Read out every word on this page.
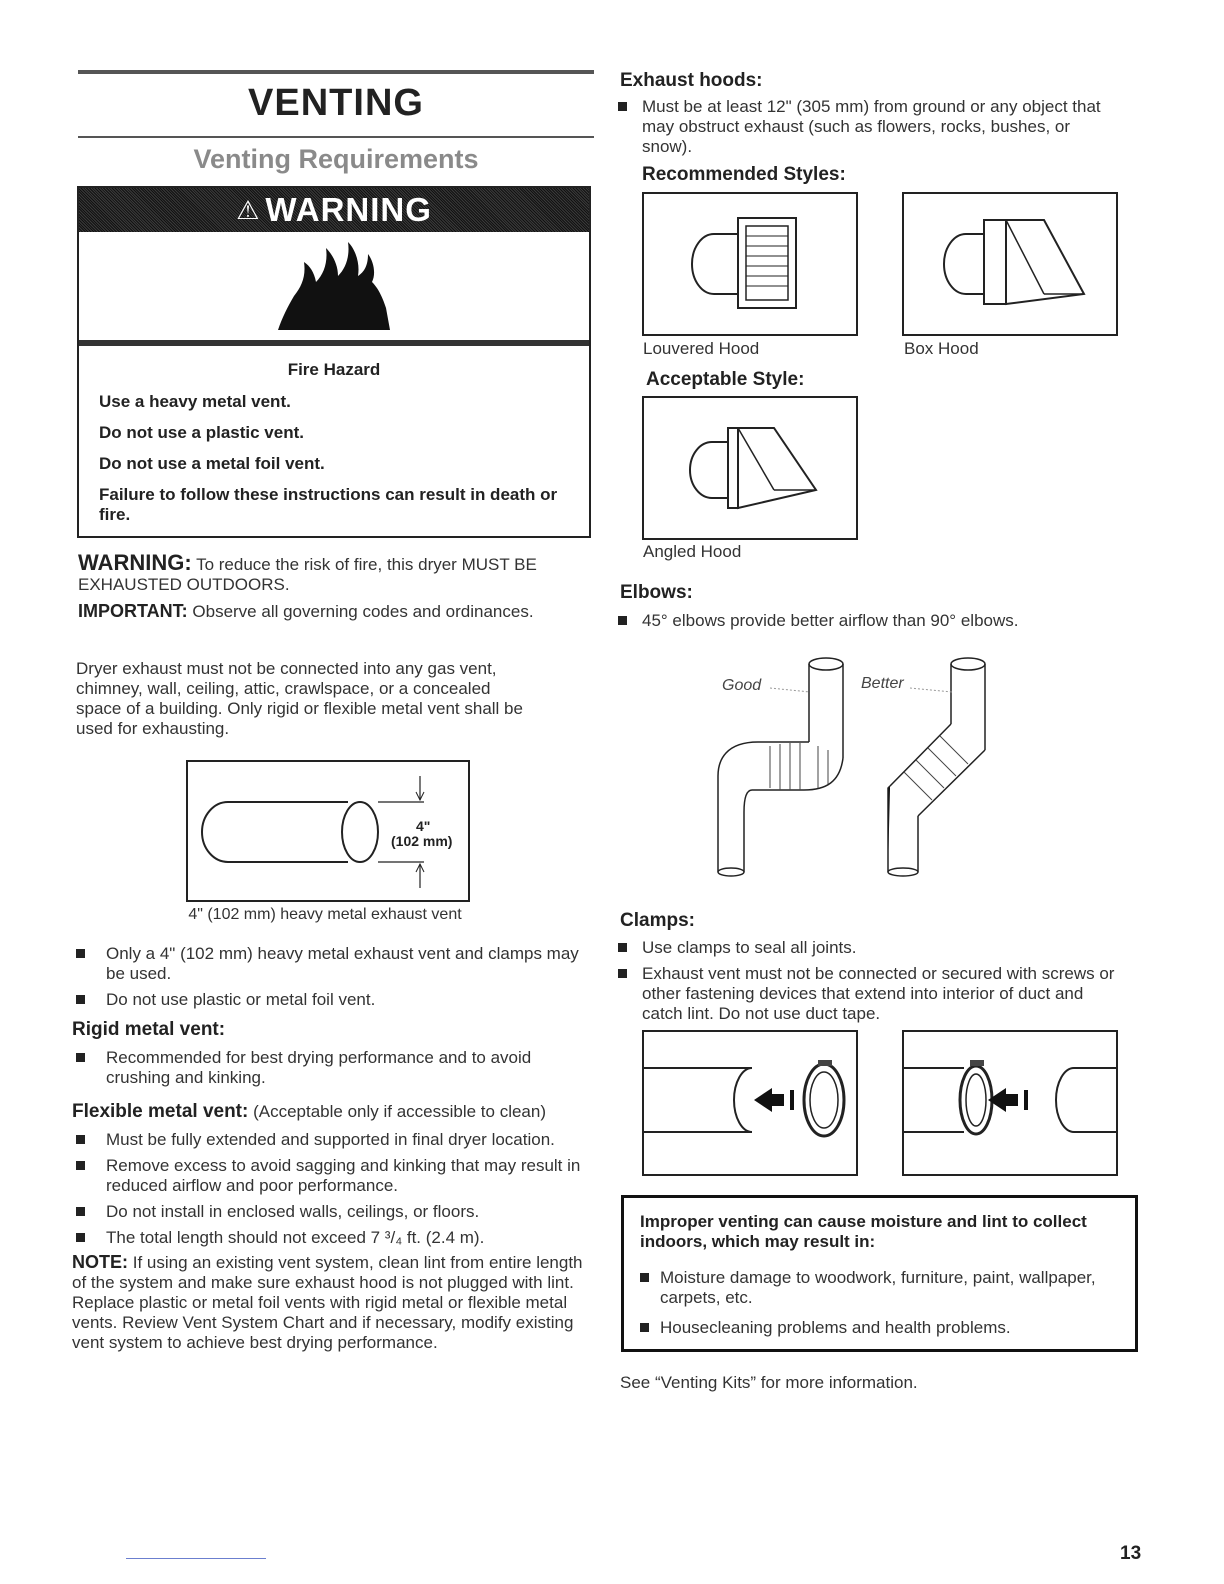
VENTING
Venting Requirements
⚠ WARNING
Fire Hazard
Use a heavy metal vent.
Do not use a plastic vent.
Do not use a metal foil vent.
Failure to follow these instructions can result in death or fire.
WARNING: To reduce the risk of fire, this dryer MUST BE EXHAUSTED OUTDOORS.
IMPORTANT: Observe all governing codes and ordinances.
Dryer exhaust must not be connected into any gas vent, chimney, wall, ceiling, attic, crawlspace, or a concealed space of a building. Only rigid or flexible metal vent shall be used for exhausting.
4"
(102 mm)
4" (102 mm) heavy metal exhaust vent
Only a 4" (102 mm) heavy metal exhaust vent and clamps may be used.
Do not use plastic or metal foil vent.
Rigid metal vent:
Recommended for best drying performance and to avoid crushing and kinking.
Flexible metal vent: (Acceptable only if accessible to clean)
Must be fully extended and supported in final dryer location.
Remove excess to avoid sagging and kinking that may result in reduced airflow and poor performance.
Do not install in enclosed walls, ceilings, or floors.
The total length should not exceed 7 ³/₄ ft. (2.4 m).
NOTE: If using an existing vent system, clean lint from entire length of the system and make sure exhaust hood is not plugged with lint. Replace plastic or metal foil vents with rigid metal or flexible metal vents. Review Vent System Chart and if necessary, modify existing vent system to achieve best drying performance.
Exhaust hoods:
Must be at least 12" (305 mm) from ground or any object that may obstruct exhaust (such as flowers, rocks, bushes, or snow).
Recommended Styles:
Louvered Hood	Box Hood
Acceptable Style:
Angled Hood
Elbows:
45° elbows provide better airflow than 90° elbows.
Good	Better
Clamps:
Use clamps to seal all joints.
Exhaust vent must not be connected or secured with screws or other fastening devices that extend into interior of duct and catch lint. Do not use duct tape.
Improper venting can cause moisture and lint to collect indoors, which may result in:
Moisture damage to woodwork, furniture, paint, wallpaper, carpets, etc.
Housecleaning problems and health problems.
See “Venting Kits” for more information.
13
